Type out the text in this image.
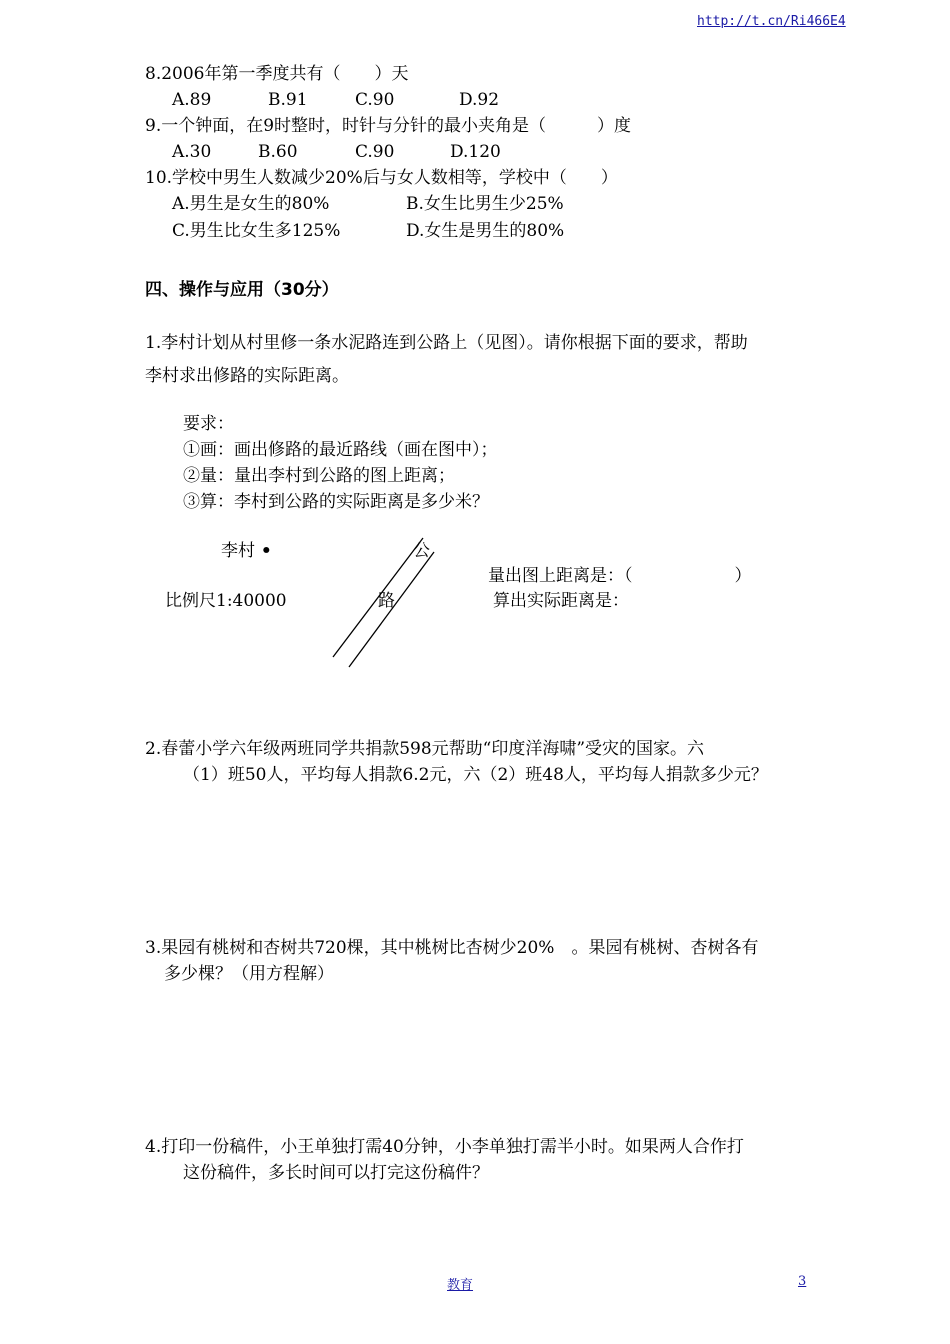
http://t.cn/Ri466E4
8.2006年第一季度共有（　　）天
A.89	B.91	C.90	D.92
9.一个钟面，在9时整时，时针与分针的最小夹角是（　　　）度
A.30	B.60	C.90	D.120
10.学校中男生人数减少20%后与女人数相等，学校中（　　）
A.男生是女生的80%	B.女生比男生少25%
C.男生比女生多125%	D.女生是男生的80%
四、操作与应用（30分）
1.李村计划从村里修一条水泥路连到公路上（见图）。请你根据下面的要求，帮助
李村求出修路的实际距离。
要求：
①画：画出修路的最近路线（画在图中）；
②量：量出李村到公路的图上距离；
③算：李村到公路的实际距离是多少米？
李村 •
比例尺1:40000
公
路
量出图上距离是：（　　　　　　）
算出实际距离是：
2.春蕾小学六年级两班同学共捐款598元帮助“印度洋海啸”受灾的国家。六
（1）班50人，平均每人捐款6.2元，六（2）班48人，平均每人捐款多少元？
3.果园有桃树和杏树共720棵，其中桃树比杏树少20%　。果园有桃树、杏树各有
多少棵？（用方程解）
4.打印一份稿件，小王单独打需40分钟，小李单独打需半小时。如果两人合作打
这份稿件，多长时间可以打完这份稿件？
教育	3
